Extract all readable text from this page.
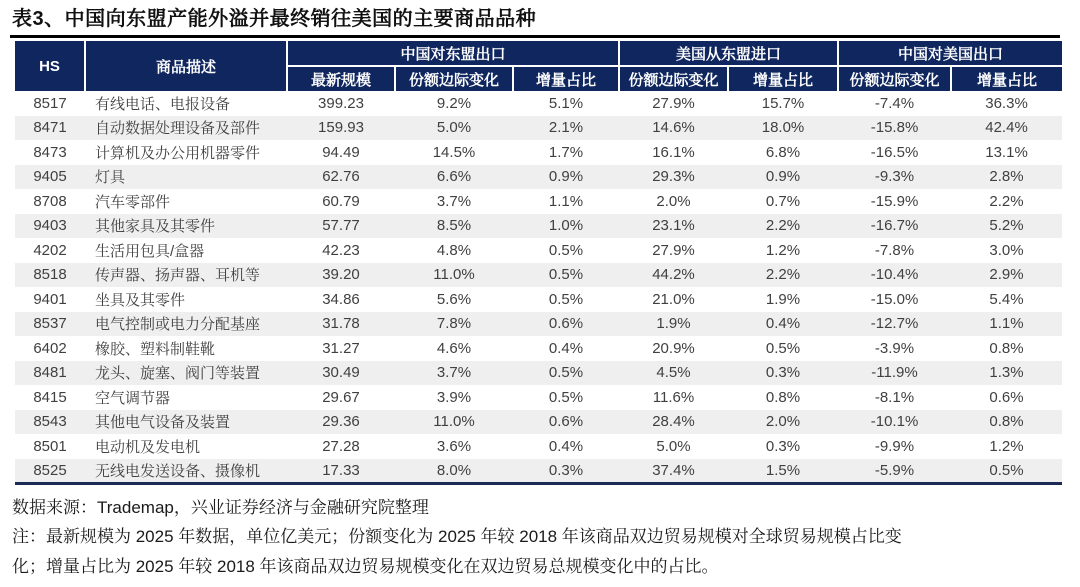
表3、中国向东盟产能外溢并最终销往美国的主要商品品种
HS	商品描述	中国对东盟出口			美国从东盟进口		中国对美国出口	
		最新规模	份额边际变化	增量占比	份额边际变化	增量占比	份额边际变化	增量占比
8517	有线电话、电报设备	399.23	9.2%	5.1%	27.9%	15.7%	-7.4%	36.3%
8471	自动数据处理设备及部件	159.93	5.0%	2.1%	14.6%	18.0%	-15.8%	42.4%
8473	计算机及办公用机器零件	94.49	14.5%	1.7%	16.1%	6.8%	-16.5%	13.1%
9405	灯具	62.76	6.6%	0.9%	29.3%	0.9%	-9.3%	2.8%
8708	汽车零部件	60.79	3.7%	1.1%	2.0%	0.7%	-15.9%	2.2%
9403	其他家具及其零件	57.77	8.5%	1.0%	23.1%	2.2%	-16.7%	5.2%
4202	生活用包具/盒器	42.23	4.8%	0.5%	27.9%	1.2%	-7.8%	3.0%
8518	传声器、扬声器、耳机等	39.20	11.0%	0.5%	44.2%	2.2%	-10.4%	2.9%
9401	坐具及其零件	34.86	5.6%	0.5%	21.0%	1.9%	-15.0%	5.4%
8537	电气控制或电力分配基座	31.78	7.8%	0.6%	1.9%	0.4%	-12.7%	1.1%
6402	橡胶、塑料制鞋靴	31.27	4.6%	0.4%	20.9%	0.5%	-3.9%	0.8%
8481	龙头、旋塞、阀门等装置	30.49	3.7%	0.5%	4.5%	0.3%	-11.9%	1.3%
8415	空气调节器	29.67	3.9%	0.5%	11.6%	0.8%	-8.1%	0.6%
8543	其他电气设备及装置	29.36	11.0%	0.6%	28.4%	2.0%	-10.1%	0.8%
8501	电动机及发电机	27.28	3.6%	0.4%	5.0%	0.3%	-9.9%	1.2%
8525	无线电发送设备、摄像机	17.33	8.0%	0.3%	37.4%	1.5%	-5.9%	0.5%
数据来源：Trademap，兴业证券经济与金融研究院整理
注：最新规模为 2025 年数据，单位亿美元；份额变化为 2025 年较 2018 年该商品双边贸易规模对全球贸易规模占比变
化；增量占比为 2025 年较 2018 年该商品双边贸易规模变化在双边贸易总规模变化中的占比。
